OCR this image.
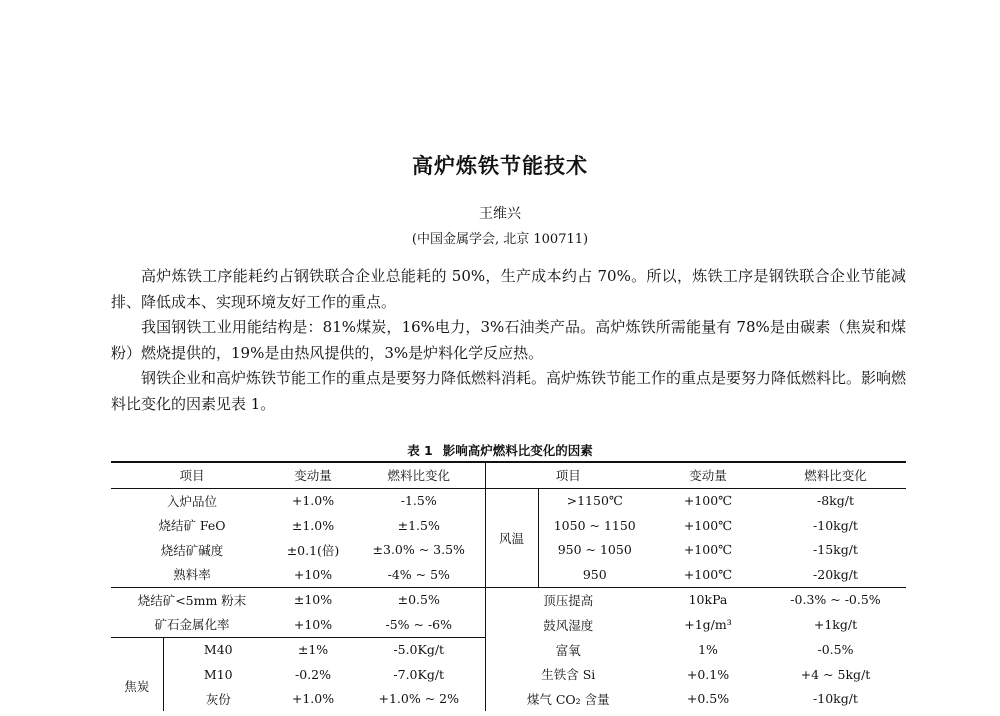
高炉炼铁节能技术
王维兴
(中国金属学会, 北京 100711)

高炉炼铁工序能耗约占钢铁联合企业总能耗的 50%，生产成本约占 70%。所以，炼铁工序是钢铁联合企业节能减排、降低成本、实现环境友好工作的重点。

我国钢铁工业用能结构是：81%煤炭，16%电力，3%石油类产品。高炉炼铁所需能量有 78%是由碳素（焦炭和煤粉）燃烧提供的，19%是由热风提供的，3%是炉料化学反应热。

钢铁企业和高炉炼铁节能工作的重点是要努力降低燃料消耗。高炉炼铁节能工作的重点是要努力降低燃料比。影响燃料比变化的因素见表 1。

表 1 影响高炉燃料比变化的因素
项目		变动量	燃料比变化	项目		变动量	燃料比变化
入炉品位		+1.0%	-1.5%	风温	>1150℃	+100℃	-8kg/t
烧结矿 FeO		±1.0%	±1.5%		1050 ~ 1150	+100℃	-10kg/t
烧结矿碱度		±0.1(倍)	±3.0% ~ 3.5%		950 ~ 1050	+100℃	-15kg/t
熟料率		+10%	-4% ~ 5%		950	+100℃	-20kg/t
烧结矿<5mm 粉末		±10%	±0.5%	顶压提高		10kPa	-0.3% ~ -0.5%
矿石金属化率		+10%	-5% ~ -6%	鼓风湿度		+1g/m³	+1kg/t
焦炭	M40	±1%	-5.0Kg/t	富氧		1%	-0.5%
	M10	-0.2%	-7.0Kg/t	生铁含 Si		+0.1%	+4 ~ 5kg/t
	灰份	+1.0%	+1.0% ~ 2%	煤气 CO₂ 含量		+0.5%	-10kg/t
